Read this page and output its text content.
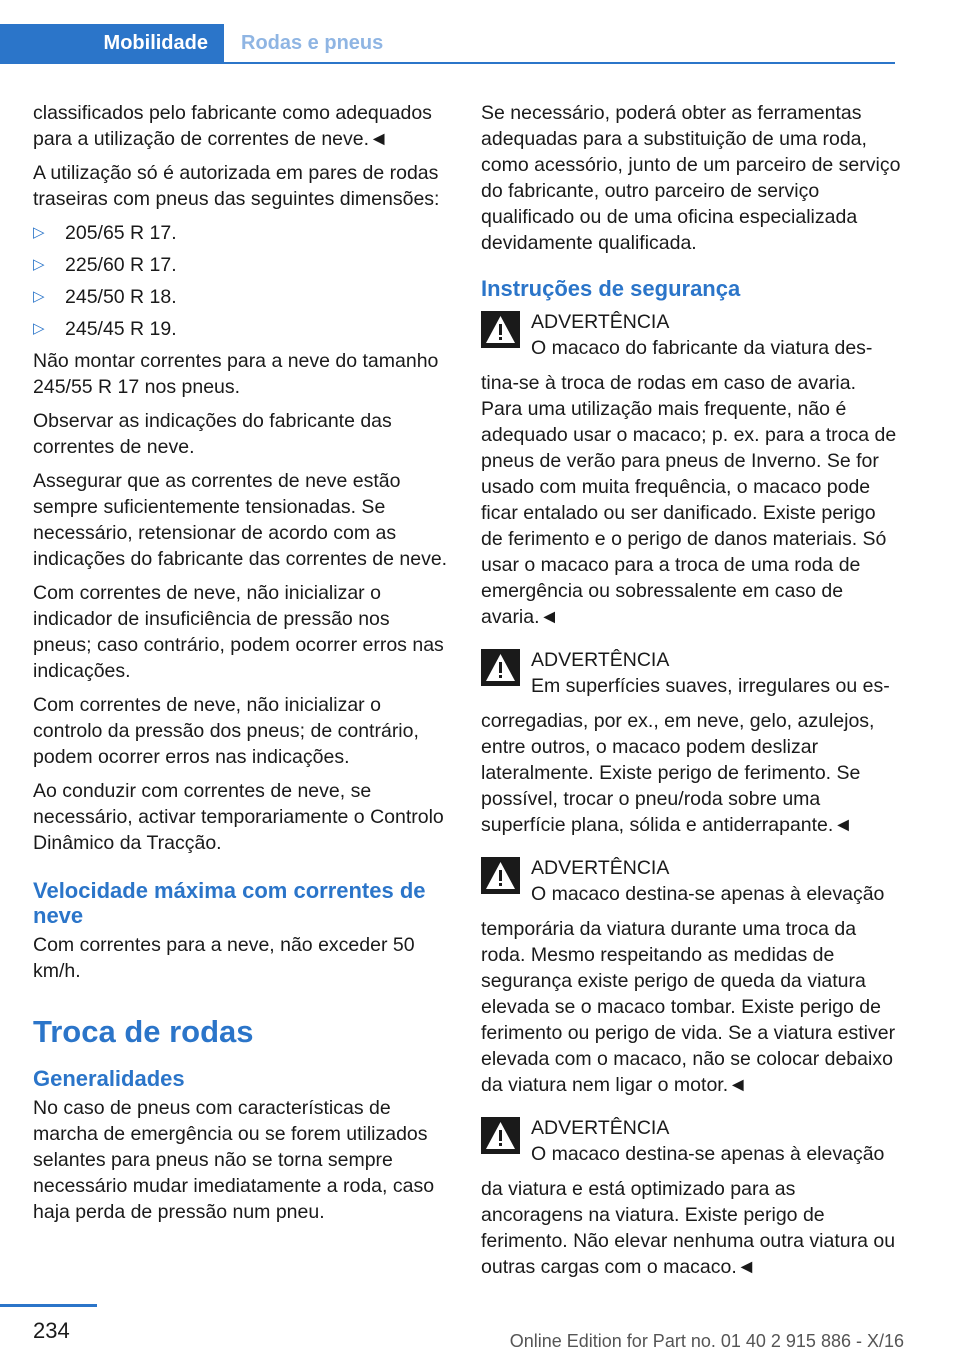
Mobilidade	Rodas e pneus

classificados pelo fabricante como adequados para a utilização de correntes de neve.◄

A utilização só é autorizada em pares de rodas traseiras com pneus das seguintes dimensões:

▷	205/65 R 17.
▷	225/60 R 17.
▷	245/50 R 18.
▷	245/45 R 19.

Não montar correntes para a neve do tamanho 245/55 R 17 nos pneus.

Observar as indicações do fabricante das correntes de neve.

Assegurar que as correntes de neve estão sempre suficientemente tensionadas. Se necessário, retensionar de acordo com as indicações do fabricante das correntes de neve.

Com correntes de neve, não inicializar o indicador de insuficiência de pressão nos pneus; caso contrário, podem ocorrer erros nas indicações.

Com correntes de neve, não inicializar o controlo da pressão dos pneus; de contrário, podem ocorrer erros nas indicações.

Ao conduzir com correntes de neve, se necessário, activar temporariamente o Controlo Dinâmico da Tracção.

Velocidade máxima com correntes de neve

Com correntes para a neve, não exceder 50 km/h.

Troca de rodas
Generalidades

No caso de pneus com características de marcha de emergência ou se forem utilizados selantes para pneus não se torna sempre necessário mudar imediatamente a roda, caso haja perda de pressão num pneu.

Se necessário, poderá obter as ferramentas adequadas para a substituição de uma roda, como acessório, junto de um parceiro de serviço do fabricante, outro parceiro de serviço qualificado ou de uma oficina especializada devidamente qualificada.

Instruções de segurança
ADVERTÊNCIA
O macaco do fabricante da viatura des-
tina-se à troca de rodas em caso de avaria. Para uma utilização mais frequente, não é adequado usar o macaco; p. ex. para a troca de pneus de verão para pneus de Inverno. Se for usado com muita frequência, o macaco pode ficar entalado ou ser danificado. Existe perigo de ferimento e o perigo de danos materiais. Só usar o macaco para a troca de uma roda de emergência ou sobressalente em caso de avaria.◄
ADVERTÊNCIA
Em superfícies suaves, irregulares ou es-
corregadias, por ex., em neve, gelo, azulejos, entre outros, o macaco podem deslizar lateralmente. Existe perigo de ferimento. Se possível, trocar o pneu/roda sobre uma superfície plana, sólida e antiderrapante.◄
ADVERTÊNCIA
O macaco destina-se apenas à elevação
temporária da viatura durante uma troca da roda. Mesmo respeitando as medidas de segurança existe perigo de queda da viatura elevada se o macaco tombar. Existe perigo de ferimento ou perigo de vida. Se a viatura estiver elevada com o macaco, não se colocar debaixo da viatura nem ligar o motor.◄
ADVERTÊNCIA
O macaco destina-se apenas à elevação
da viatura e está optimizado para as ancoragens na viatura. Existe perigo de ferimento. Não elevar nenhuma outra viatura ou outras cargas com o macaco.◄
234	Online Edition for Part no. 01 40 2 915 886 - X/16
